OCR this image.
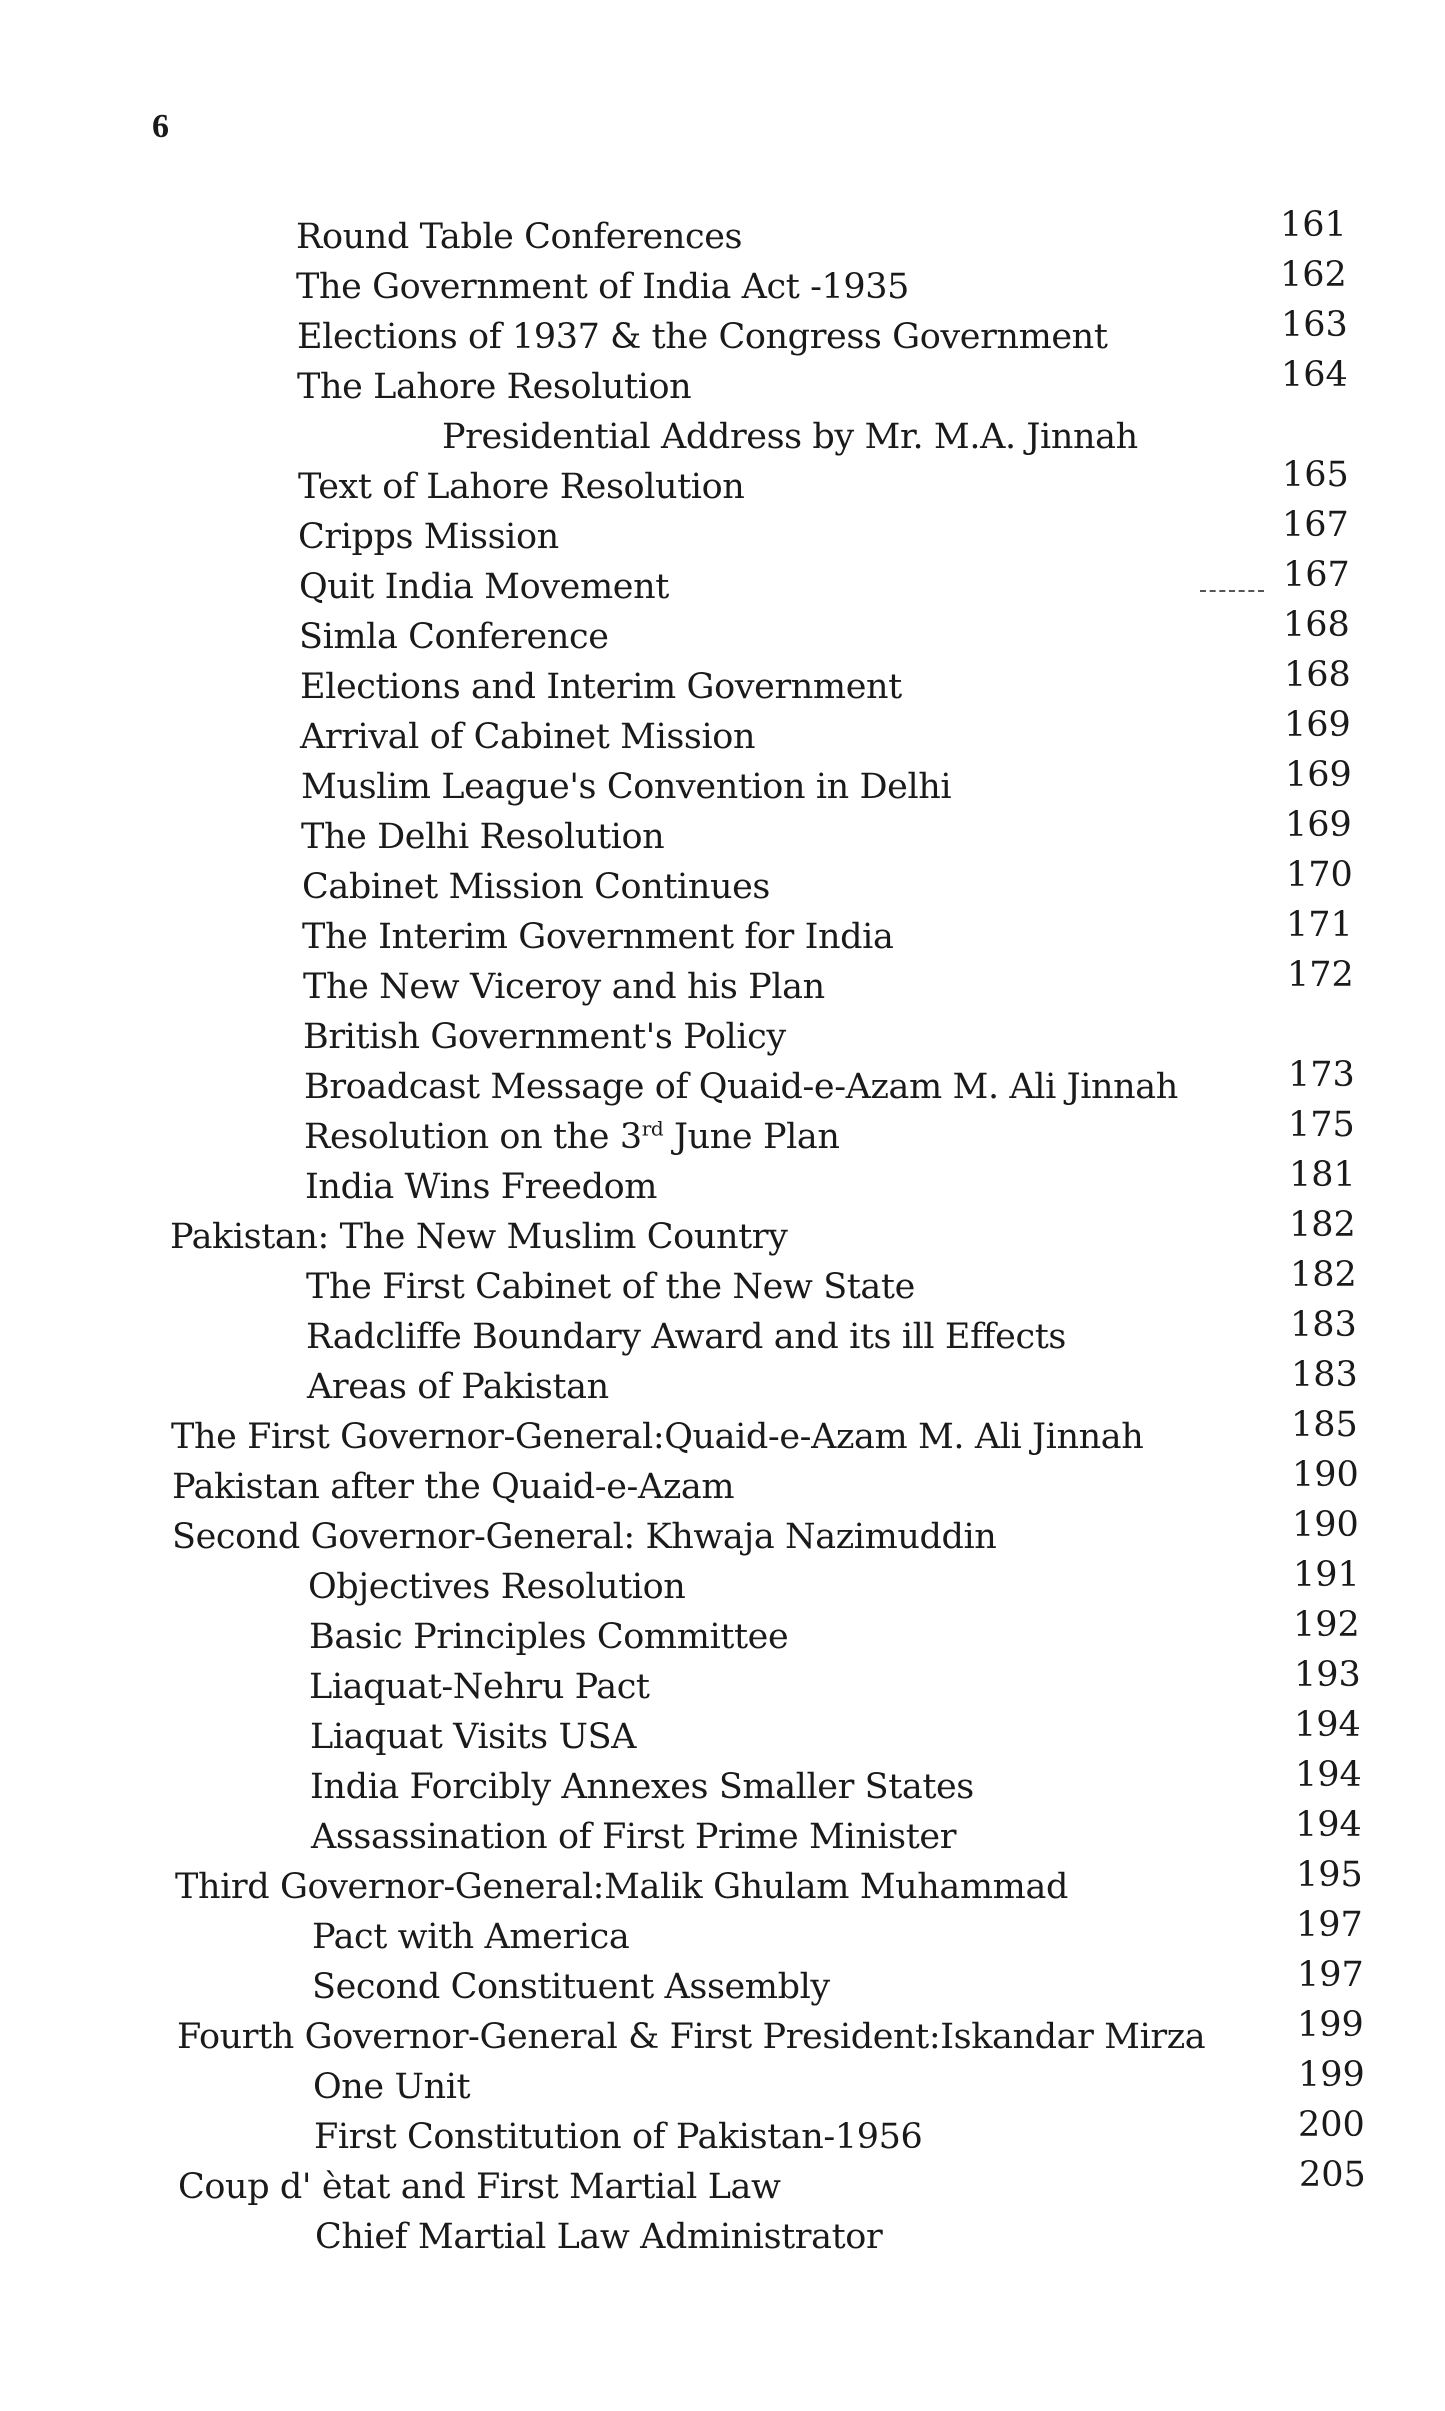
6
Round Table Conferences	161
The Government of India Act -1935	162
Elections of 1937 & the Congress Government	163
The Lahore Resolution	164
Presidential Address by Mr. M.A. Jinnah
Text of Lahore Resolution	165
Cripps Mission	167
Quit India Movement	167
Simla Conference	168
Elections and Interim Government	168
Arrival of Cabinet Mission	169
Muslim League's Convention in Delhi	169
The Delhi Resolution	169
Cabinet Mission Continues	170
The Interim Government for India	171
The New Viceroy and his Plan	172
British Government's Policy
Broadcast Message of Quaid-e-Azam M. Ali Jinnah	173
Resolution on the 3rd June Plan	175
India Wins Freedom	181
Pakistan: The New Muslim Country	182
The First Cabinet of the New State	182
Radcliffe Boundary Award and its ill Effects	183
Areas of Pakistan	183
The First Governor-General:Quaid-e-Azam M. Ali Jinnah	185
Pakistan after the Quaid-e-Azam	190
Second Governor-General: Khwaja Nazimuddin	190
Objectives Resolution	191
Basic Principles Committee	192
Liaquat-Nehru Pact	193
Liaquat Visits USA	194
India Forcibly Annexes Smaller States	194
Assassination of First Prime Minister	194
Third Governor-General:Malik Ghulam Muhammad	195
Pact with America	197
Second Constituent Assembly	197
Fourth Governor-General & First President:Iskandar Mirza	199
One Unit	199
First Constitution of Pakistan-1956	200
Coup d' ètat and First Martial Law	205
Chief Martial Law Administrator
